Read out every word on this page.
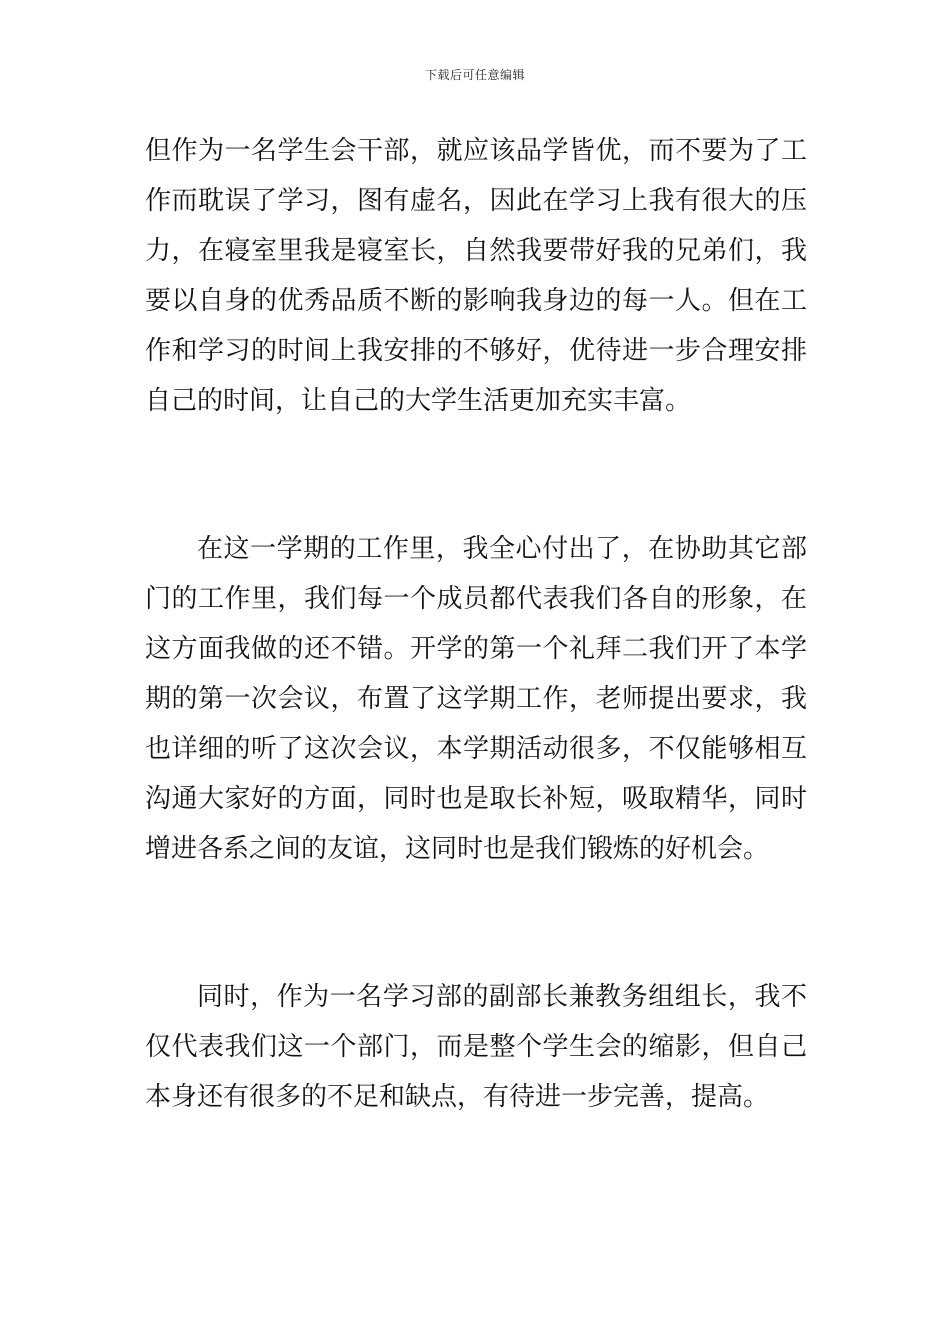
下载后可任意编辑

但作为一名学生会干部，就应该品学皆优，而不要为了工作而耽误了学习，图有虚名，因此在学习上我有很大的压力，在寝室里我是寝室长，自然我要带好我的兄弟们，我要以自身的优秀品质不断的影响我身边的每一人。但在工作和学习的时间上我安排的不够好，优待进一步合理安排自己的时间，让自己的大学生活更加充实丰富。

在这一学期的工作里，我全心付出了，在协助其它部门的工作里，我们每一个成员都代表我们各自的形象，在这方面我做的还不错。开学的第一个礼拜二我们开了本学期的第一次会议，布置了这学期工作，老师提出要求，我也详细的听了这次会议，本学期活动很多，不仅能够相互沟通大家好的方面，同时也是取长补短，吸取精华，同时增进各系之间的友谊，这同时也是我们锻炼的好机会。

同时，作为一名学习部的副部长兼教务组组长，我不仅代表我们这一个部门，而是整个学生会的缩影，但自己本身还有很多的不足和缺点，有待进一步完善，提高。
